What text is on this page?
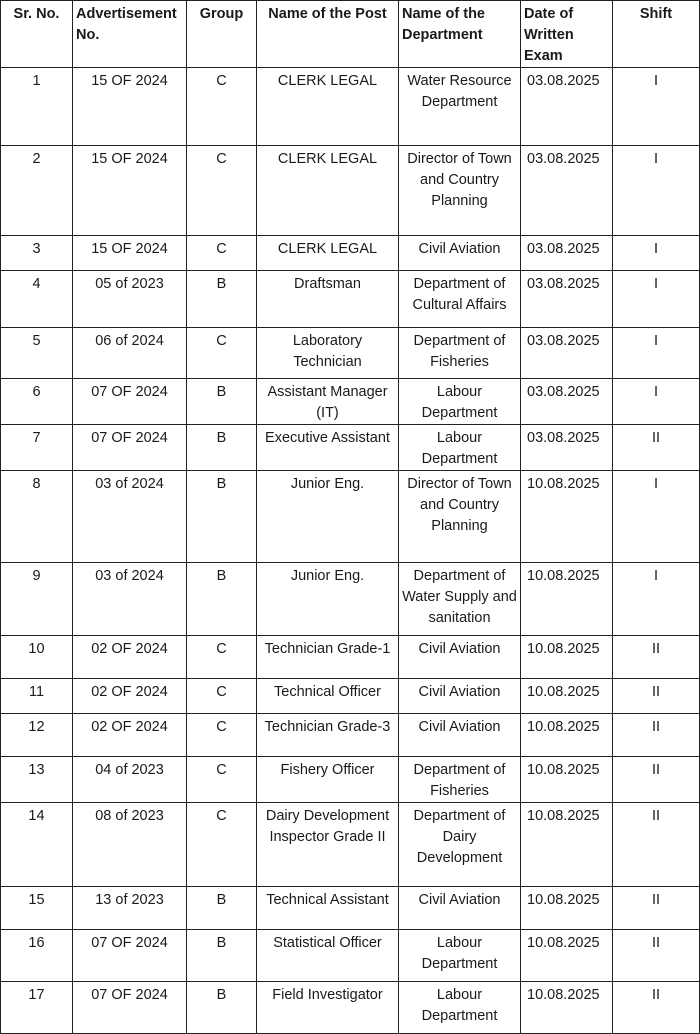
Sr. No.	Advertisement No.	Group	Name of the Post	Name of the Department	Date of Written Exam	Shift
1	15 OF 2024	C	CLERK LEGAL	Water Resource Department	03.08.2025	I
2	15 OF 2024	C	CLERK LEGAL	Director of Town and Country Planning	03.08.2025	I
3	15 OF 2024	C	CLERK LEGAL	Civil Aviation	03.08.2025	I
4	05 of 2023	B	Draftsman	Department of Cultural Affairs	03.08.2025	I
5	06 of 2024	C	Laboratory Technician	Department of Fisheries	03.08.2025	I
6	07 OF 2024	B	Assistant Manager (IT)	Labour Department	03.08.2025	I
7	07 OF 2024	B	Executive Assistant	Labour Department	03.08.2025	II
8	03 of 2024	B	Junior Eng.	Director of Town and Country Planning	10.08.2025	I
9	03 of 2024	B	Junior Eng.	Department of Water Supply and sanitation	10.08.2025	I
10	02 OF 2024	C	Technician Grade-1	Civil Aviation	10.08.2025	II
11	02 OF 2024	C	Technical Officer	Civil Aviation	10.08.2025	II
12	02 OF 2024	C	Technician Grade-3	Civil Aviation	10.08.2025	II
13	04 of 2023	C	Fishery Officer	Department of Fisheries	10.08.2025	II
14	08 of 2023	C	Dairy Development Inspector Grade II	Department of Dairy Development	10.08.2025	II
15	13 of 2023	B	Technical Assistant	Civil Aviation	10.08.2025	II
16	07 OF 2024	B	Statistical Officer	Labour Department	10.08.2025	II
17	07 OF 2024	B	Field Investigator	Labour Department	10.08.2025	II
